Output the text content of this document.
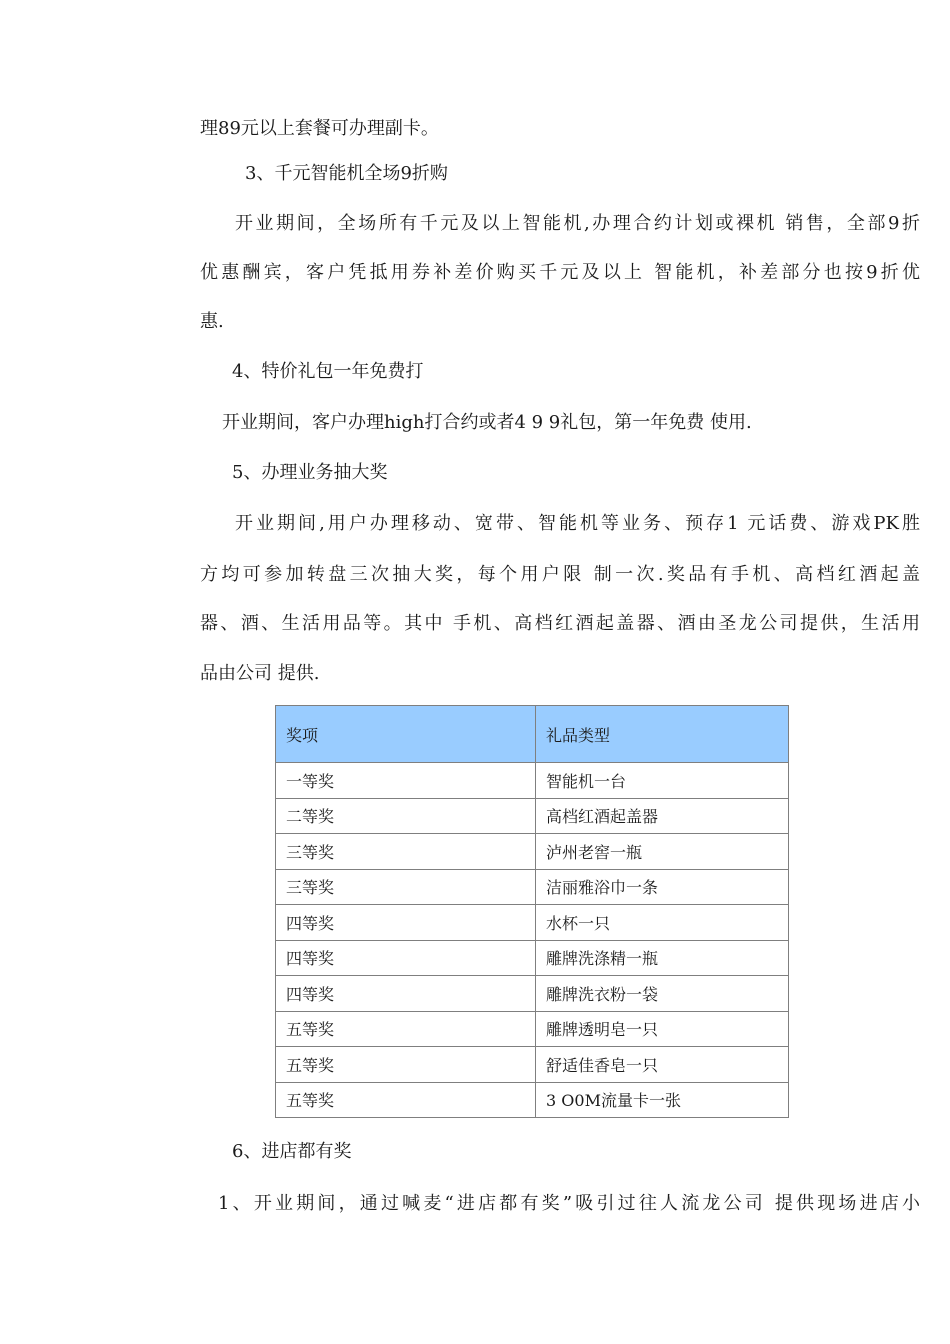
理89元以上套餐可办理副卡。

3、千元智能机全场9折购

开业期间，全场所有千元及以上智能机,办理合约计划或裸机 销售，全部9折

优惠酬宾，客户凭抵用券补差价购买千元及以上 智能机，补差部分也按9折优

惠.

4、特价礼包一年免费打

开业期间，客户办理high打合约或者4 9 9礼包，第一年免费 使用.

5、办理业务抽大奖

开业期间,用户办理移动、宽带、智能机等业务、预存1 元话费、游戏PK胜

方均可参加转盘三次抽大奖，每个用户限 制一次.奖品有手机、高档红酒起盖

器、酒、生活用品等。其中 手机、高档红酒起盖器、酒由圣龙公司提供，生活用

品由公司 提供.

奖项	礼品类型
一等奖	智能机一台
二等奖	高档红酒起盖器
三等奖	泸州老窖一瓶
三等奖	洁丽雅浴巾一条
四等奖	水杯一只
四等奖	雕牌洗涤精一瓶
四等奖	雕牌洗衣粉一袋
五等奖	雕牌透明皂一只
五等奖	舒适佳香皂一只
五等奖	3 O0M流量卡一张

6、进店都有奖

1、开业期间，通过喊麦“进店都有奖”吸引过往人流龙公司 提供现场进店小
